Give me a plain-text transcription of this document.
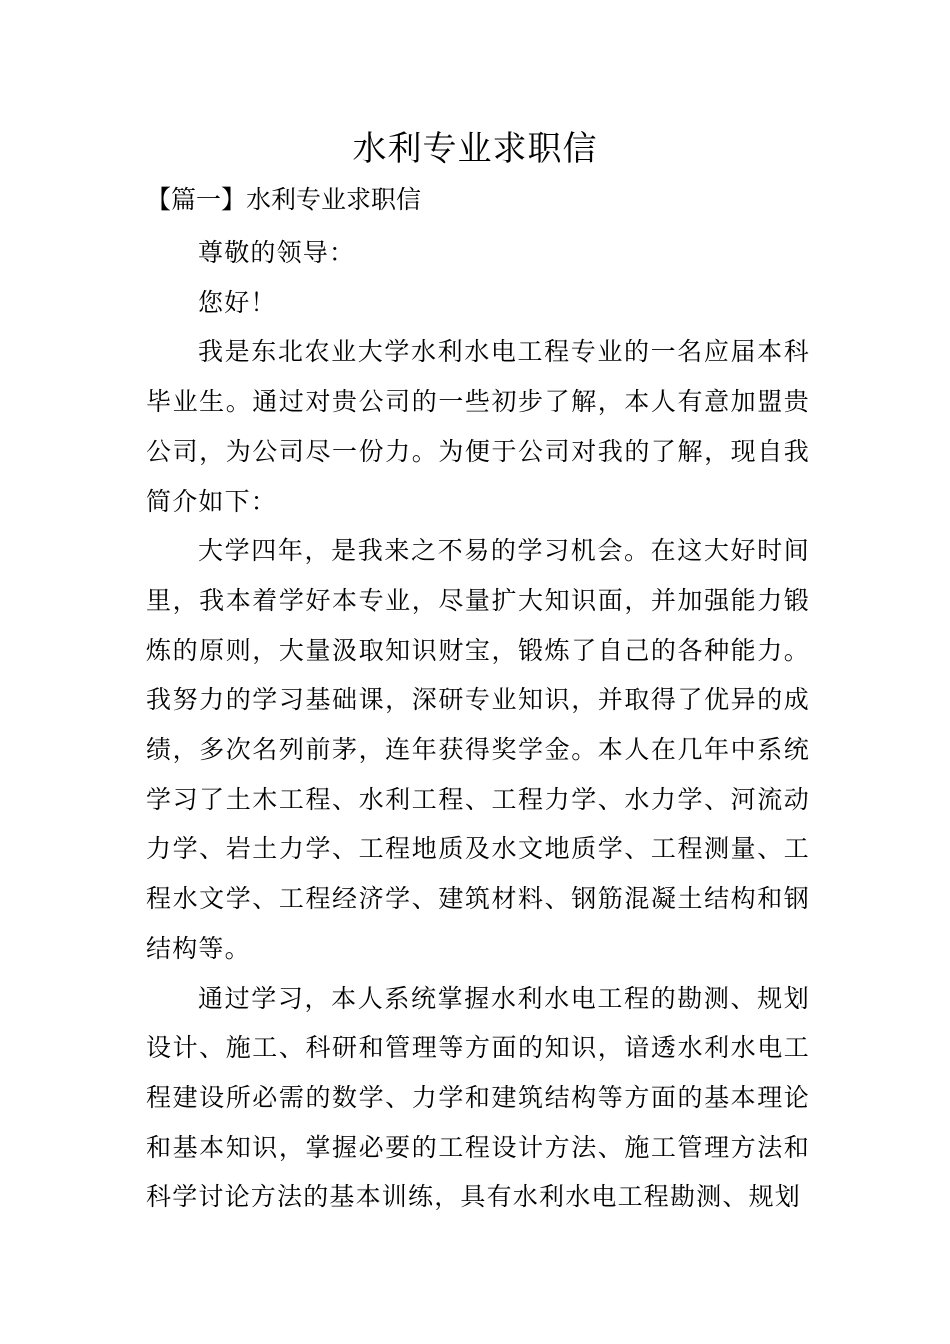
水利专业求职信
【篇一】水利专业求职信

尊敬的领导：

您好！

我是东北农业大学水利水电工程专业的一名应届本科毕业生。通过对贵公司的一些初步了解，本人有意加盟贵公司，为公司尽一份力。为便于公司对我的了解，现自我简介如下：

大学四年，是我来之不易的学习机会。在这大好时间里，我本着学好本专业，尽量扩大知识面，并加强能力锻炼的原则，大量汲取知识财宝，锻炼了自己的各种能力。我努力的学习基础课，深研专业知识，并取得了优异的成绩，多次名列前茅，连年获得奖学金。本人在几年中系统学习了土木工程、水利工程、工程力学、水力学、河流动力学、岩土力学、工程地质及水文地质学、工程测量、工程水文学、工程经济学、建筑材料、钢筋混凝土结构和钢结构等。

通过学习，本人系统掌握水利水电工程的勘测、规划设计、施工、科研和管理等方面的知识，谙透水利水电工程建设所必需的数学、力学和建筑结构等方面的基本理论和基本知识，掌握必要的工程设计方法、施工管理方法和科学讨论方法的基本训练，具有水利水电工程勘测、规划
